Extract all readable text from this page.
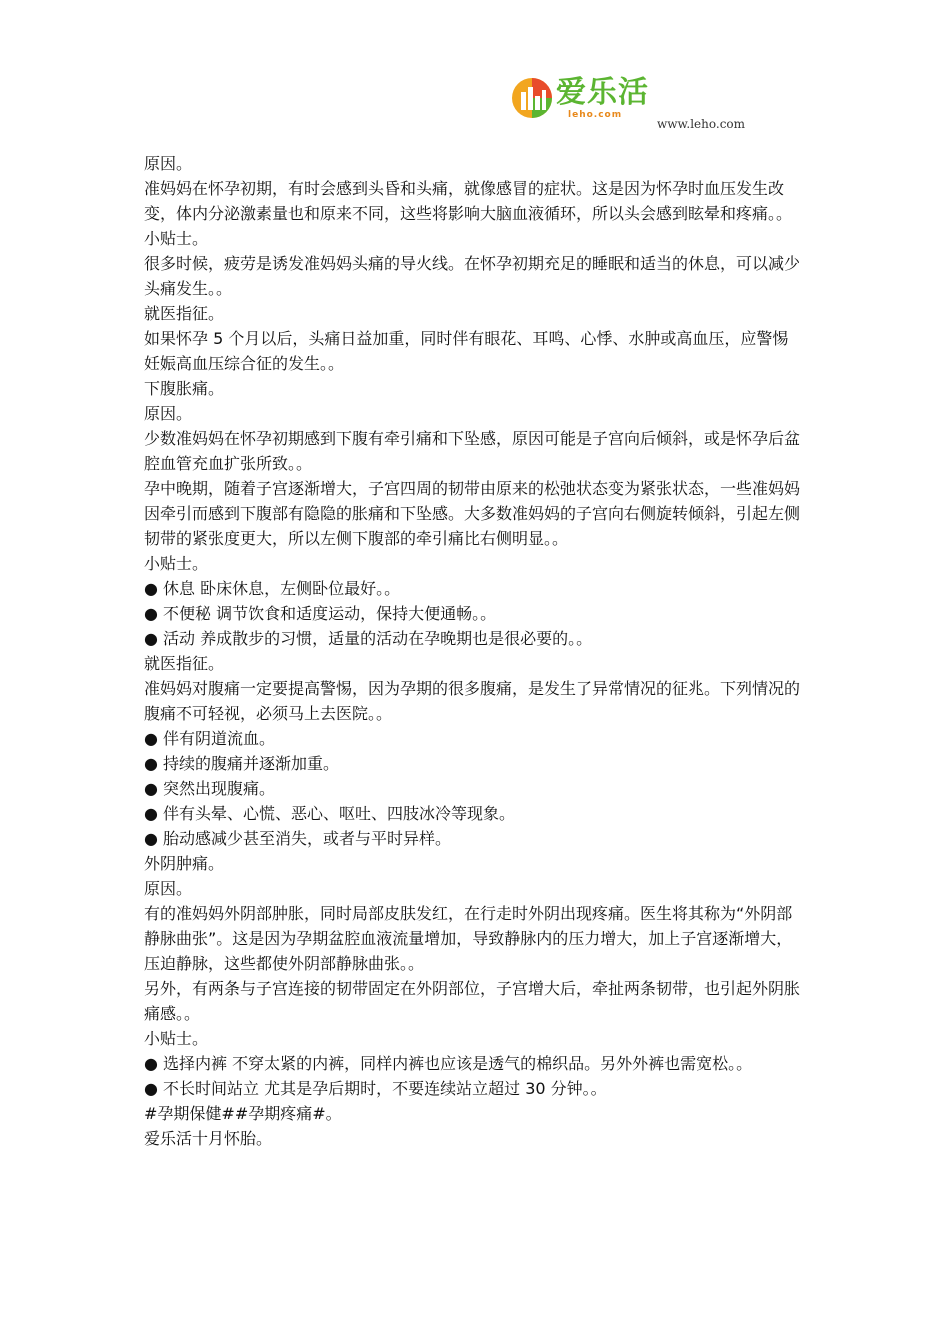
爱乐活
leho.com
www.leho.com

原因。

准妈妈在怀孕初期，有时会感到头昏和头痛，就像感冒的症状。这是因为怀孕时血压发生改变，体内分泌激素量也和原来不同，这些将影响大脑血液循环，所以头会感到眩晕和疼痛。。

小贴士。

很多时候，疲劳是诱发准妈妈头痛的导火线。在怀孕初期充足的睡眠和适当的休息，可以减少头痛发生。。

就医指征。

如果怀孕 5 个月以后，头痛日益加重，同时伴有眼花、耳鸣、心悸、水肿或高血压，应警惕妊娠高血压综合征的发生。。

下腹胀痛。

原因。

少数准妈妈在怀孕初期感到下腹有牵引痛和下坠感，原因可能是子宫向后倾斜，或是怀孕后盆腔血管充血扩张所致。。

孕中晚期，随着子宫逐渐增大，子宫四周的韧带由原来的松弛状态变为紧张状态，一些准妈妈因牵引而感到下腹部有隐隐的胀痛和下坠感。大多数准妈妈的子宫向右侧旋转倾斜，引起左侧韧带的紧张度更大，所以左侧下腹部的牵引痛比右侧明显。。

小贴士。

● 休息 卧床休息，左侧卧位最好。。

● 不便秘 调节饮食和适度运动，保持大便通畅。。

● 活动 养成散步的习惯，适量的活动在孕晚期也是很必要的。。

就医指征。

准妈妈对腹痛一定要提高警惕，因为孕期的很多腹痛，是发生了异常情况的征兆。下列情况的腹痛不可轻视，必须马上去医院。。

● 伴有阴道流血。

● 持续的腹痛并逐渐加重。

● 突然出现腹痛。

● 伴有头晕、心慌、恶心、呕吐、四肢冰冷等现象。

● 胎动感减少甚至消失，或者与平时异样。

外阴肿痛。

原因。

有的准妈妈外阴部肿胀，同时局部皮肤发红，在行走时外阴出现疼痛。医生将其称为“外阴部静脉曲张”。这是因为孕期盆腔血液流量增加，导致静脉内的压力增大，加上子宫逐渐增大，压迫静脉，这些都使外阴部静脉曲张。。

另外，有两条与子宫连接的韧带固定在外阴部位，子宫增大后，牵扯两条韧带，也引起外阴胀痛感。。

小贴士。

● 选择内裤 不穿太紧的内裤，同样内裤也应该是透气的棉织品。另外外裤也需宽松。。

● 不长时间站立 尤其是孕后期时，不要连续站立超过 30 分钟。。

#孕期保健##孕期疼痛#。

爱乐活十月怀胎。
